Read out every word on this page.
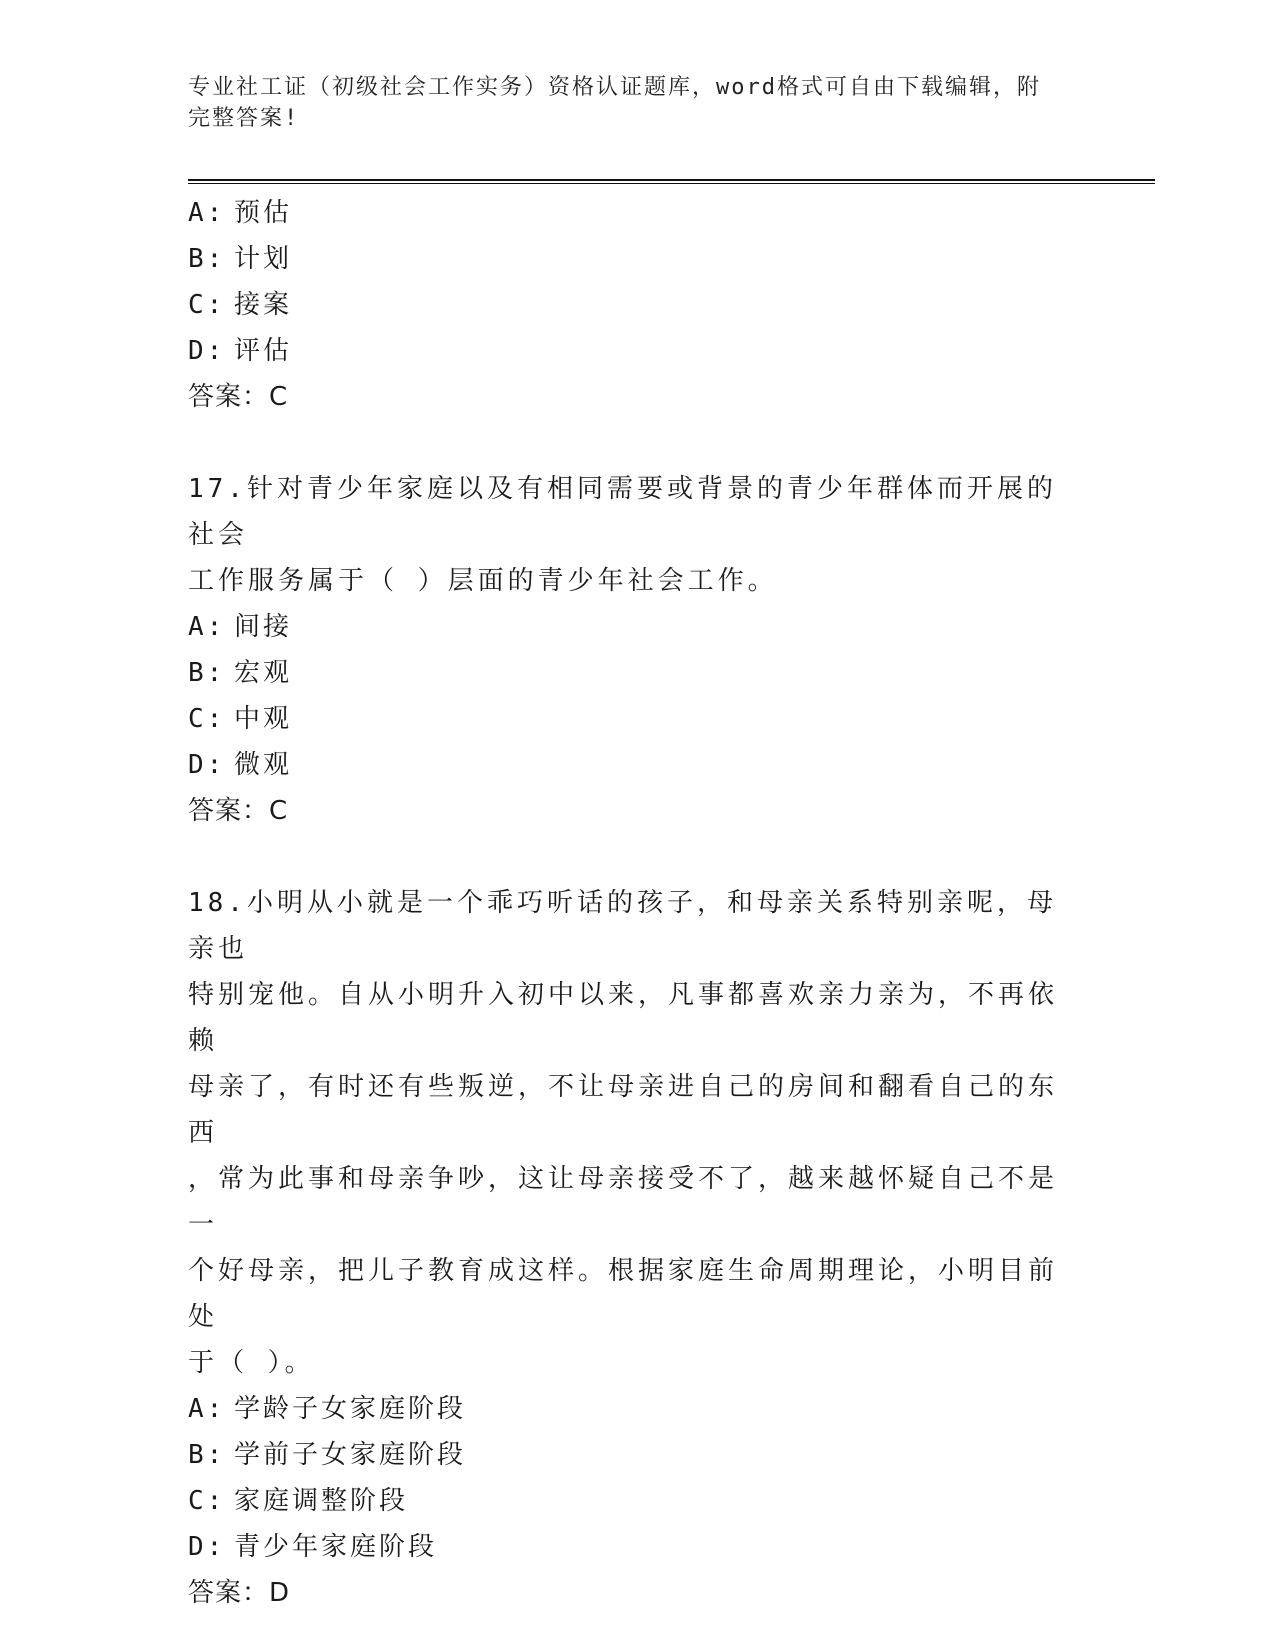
专业社工证（初级社会工作实务）资格认证题库，word格式可自由下载编辑，附
完整答案!
A: 预估
B: 计划
C: 接案
D: 评估
答案：C
17.针对青少年家庭以及有相同需要或背景的青少年群体而开展的社会
工作服务属于（ ）层面的青少年社会工作。
A: 间接
B: 宏观
C: 中观
D: 微观
答案：C
18.小明从小就是一个乖巧听话的孩子，和母亲关系特别亲呢，母亲也
特别宠他。自从小明升入初中以来，凡事都喜欢亲力亲为，不再依赖
母亲了，有时还有些叛逆，不让母亲进自己的房间和翻看自己的东西
，常为此事和母亲争吵，这让母亲接受不了，越来越怀疑自己不是一
个好母亲，把儿子教育成这样。根据家庭生命周期理论，小明目前处
于（ ）。
A: 学龄子女家庭阶段
B: 学前子女家庭阶段
C: 家庭调整阶段
D: 青少年家庭阶段
答案：D
